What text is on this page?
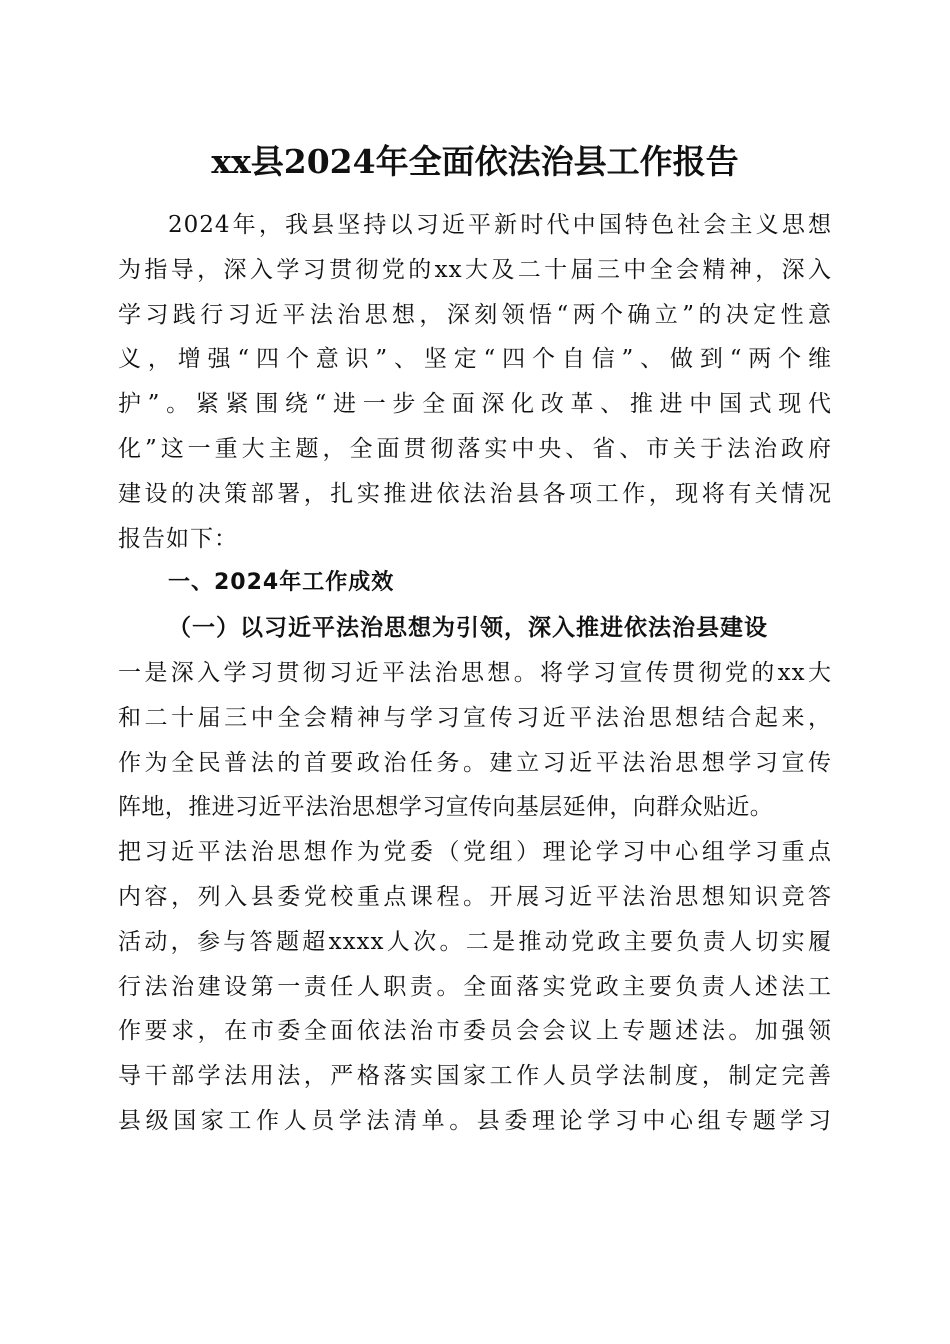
xx县2024年全面依法治县工作报告
2024年，我县坚持以习近平新时代中国特色社会主义思想
为指导，深入学习贯彻党的xx大及二十届三中全会精神，深入
学习践行习近平法治思想，深刻领悟“两个确立”的决定性意
义，增强“四个意识”、坚定“四个自信”、做到“两个维
护”。紧紧围绕“进一步全面深化改革、推进中国式现代
化”这一重大主题，全面贯彻落实中央、省、市关于法治政府
建设的决策部署，扎实推进依法治县各项工作，现将有关情况
报告如下：
一、2024年工作成效
（一）以习近平法治思想为引领，深入推进依法治县建设
一是深入学习贯彻习近平法治思想。将学习宣传贯彻党的xx大
和二十届三中全会精神与学习宣传习近平法治思想结合起来，
作为全民普法的首要政治任务。建立习近平法治思想学习宣传
阵地，推进习近平法治思想学习宣传向基层延伸，向群众贴近。
把习近平法治思想作为党委（党组）理论学习中心组学习重点
内容，列入县委党校重点课程。开展习近平法治思想知识竞答
活动，参与答题超xxxx人次。二是推动党政主要负责人切实履
行法治建设第一责任人职责。全面落实党政主要负责人述法工
作要求，在市委全面依法治市委员会会议上专题述法。加强领
导干部学法用法，严格落实国家工作人员学法制度，制定完善
县级国家工作人员学法清单。县委理论学习中心组专题学习
